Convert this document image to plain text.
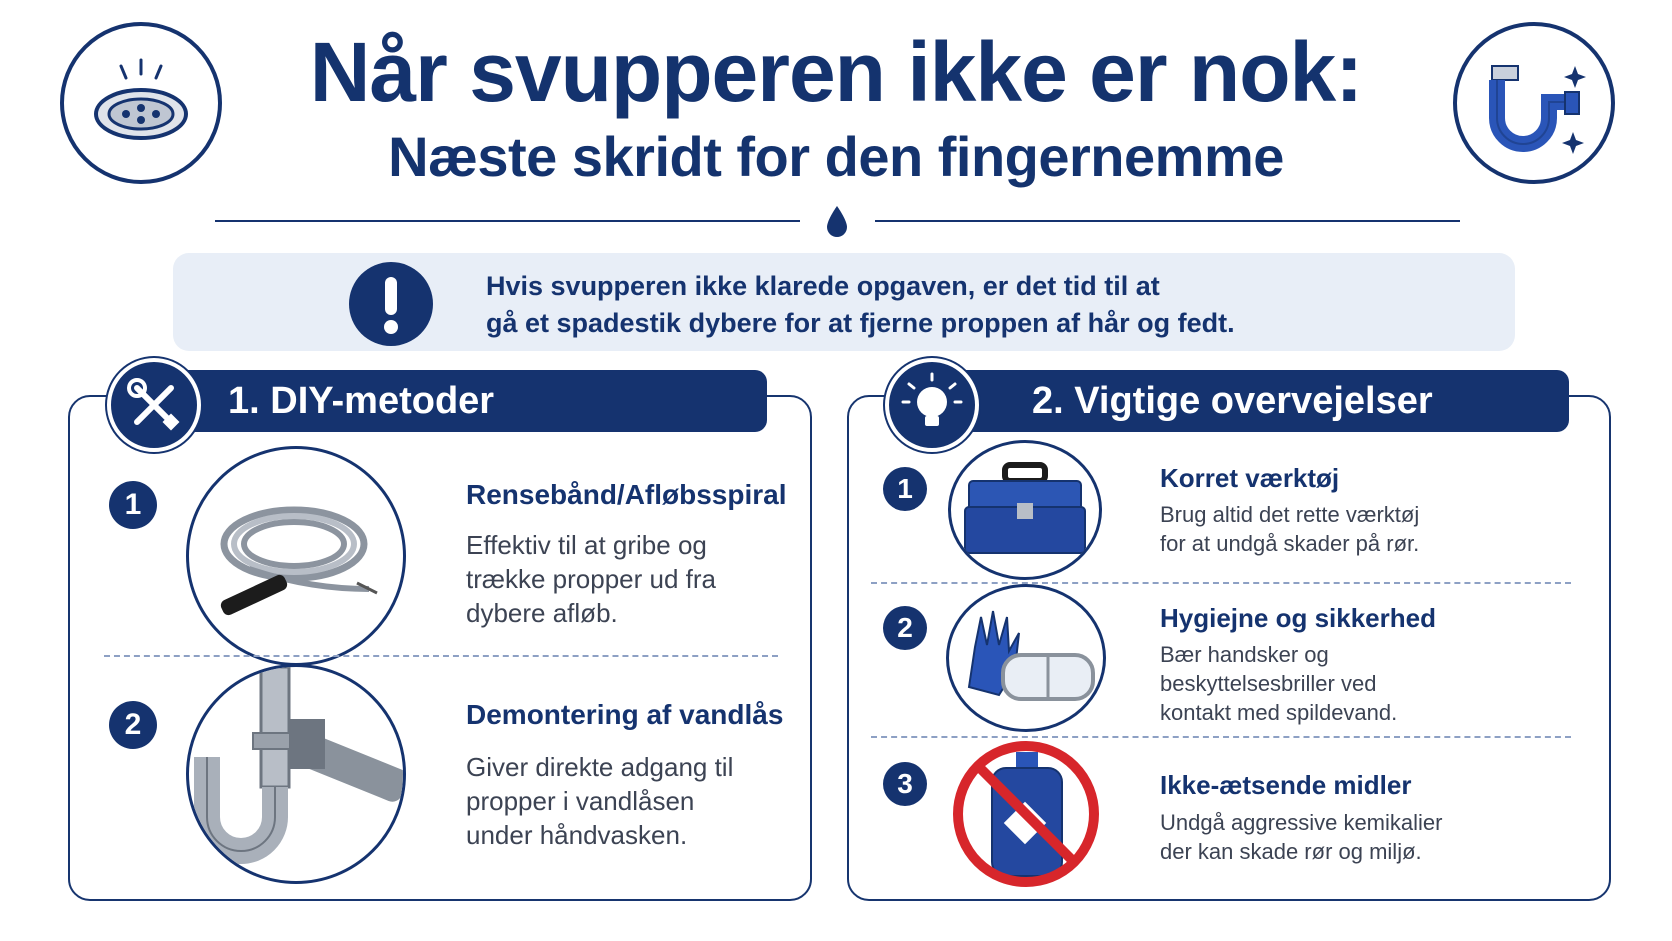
Når svupperen ikke er nok:
Næste skridt for den fingernemme
Hvis svupperen ikke klarede opgaven, er det tid til at
gå et spadestik dybere for at fjerne proppen af hår og fedt.
1. DIY-metoder
1	Rensebånd/Afløbsspiral
Effektiv til at gribe og
trække propper ud fra
dybere afløb.
2	Demontering af vandlås
Giver direkte adgang til
propper i vandlåsen
under håndvasken.
2. Vigtige overvejelser
1	Korret værktøj
Brug altid det rette værktøj
for at undgå skader på rør.
2	Hygiejne og sikkerhed
Bær handsker og
beskyttelsesbriller ved
kontakt med spildevand.
3	Ikke-ætsende midler
Undgå aggressive kemikalier
der kan skade rør og miljø.
